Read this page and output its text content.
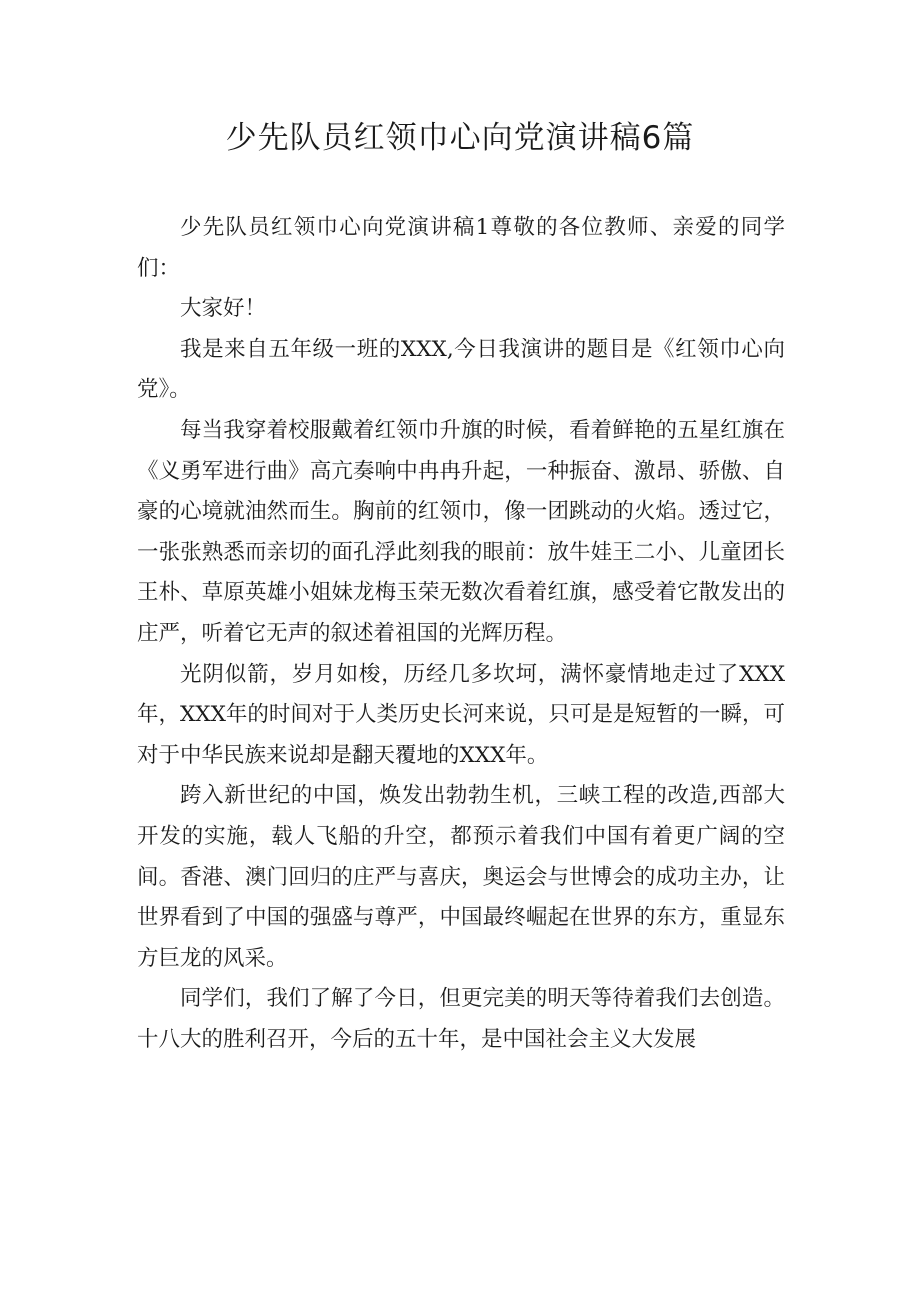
少先队员红领巾心向党演讲稿6篇

少先队员红领巾心向党演讲稿1尊敬的各位教师、亲爱的同学们：

大家好！

我是来自五年级一班的XXX,今日我演讲的题目是《红领巾心向党》。

每当我穿着校服戴着红领巾升旗的时候，看着鲜艳的五星红旗在《义勇军进行曲》高亢奏响中冉冉升起，一种振奋、激昂、骄傲、自豪的心境就油然而生。胸前的红领巾，像一团跳动的火焰。透过它，一张张熟悉而亲切的面孔浮此刻我的眼前：放牛娃王二小、儿童团长王朴、草原英雄小姐妹龙梅玉荣无数次看着红旗，感受着它散发出的庄严，听着它无声的叙述着祖国的光辉历程。

光阴似箭，岁月如梭，历经几多坎坷，满怀豪情地走过了XXX年，XXX年的时间对于人类历史长河来说，只可是是短暂的一瞬，可对于中华民族来说却是翻天覆地的XXX年。

跨入新世纪的中国，焕发出勃勃生机，三峡工程的改造,西部大开发的实施，载人飞船的升空，都预示着我们中国有着更广阔的空间。香港、澳门回归的庄严与喜庆，奥运会与世博会的成功主办，让世界看到了中国的强盛与尊严，中国最终崛起在世界的东方，重显东方巨龙的风采。

同学们，我们了解了今日，但更完美的明天等待着我们去创造。十八大的胜利召开，今后的五十年，是中国社会主义大发展
